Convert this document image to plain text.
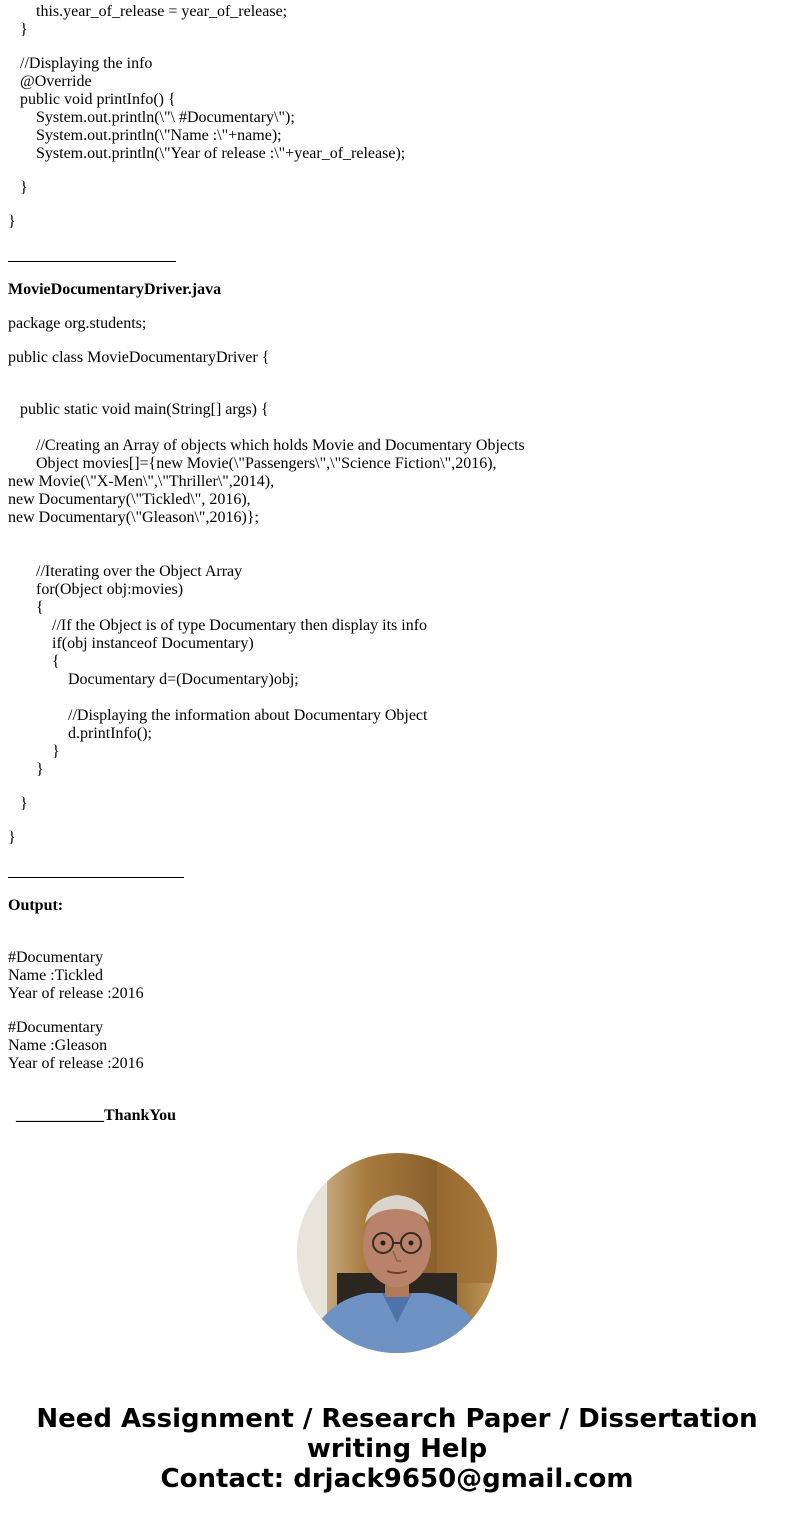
this.year_of_release = year_of_release;
}
//Displaying the info
@Override
public void printInfo() {
System.out.println(\"\ #Documentary\");
System.out.println(\"Name :\"+name);
System.out.println(\"Year of release :\"+year_of_release);
}
}
MovieDocumentaryDriver.java
package org.students;
public class MovieDocumentaryDriver {
public static void main(String[] args) {
//Creating an Array of objects which holds Movie and Documentary Objects
Object movies[]={new Movie(\"Passengers\",\"Science Fiction\",2016),
new Movie(\"X-Men\",\"Thriller\",2014),
new Documentary(\"Tickled\", 2016),
new Documentary(\"Gleason\",2016)};
//Iterating over the Object Array
for(Object obj:movies)
{
//If the Object is of type Documentary then display its info
if(obj instanceof Documentary)
{
Documentary d=(Documentary)obj;
//Displaying the information about Documentary Object
d.printInfo();
}
}
}
}
Output:
#Documentary
Name :Tickled
Year of release :2016
#Documentary
Name :Gleason
Year of release :2016

___________ThankYou

Need Assignment / Research Paper / Dissertation
writing Help
Contact: drjack9650@gmail.com
